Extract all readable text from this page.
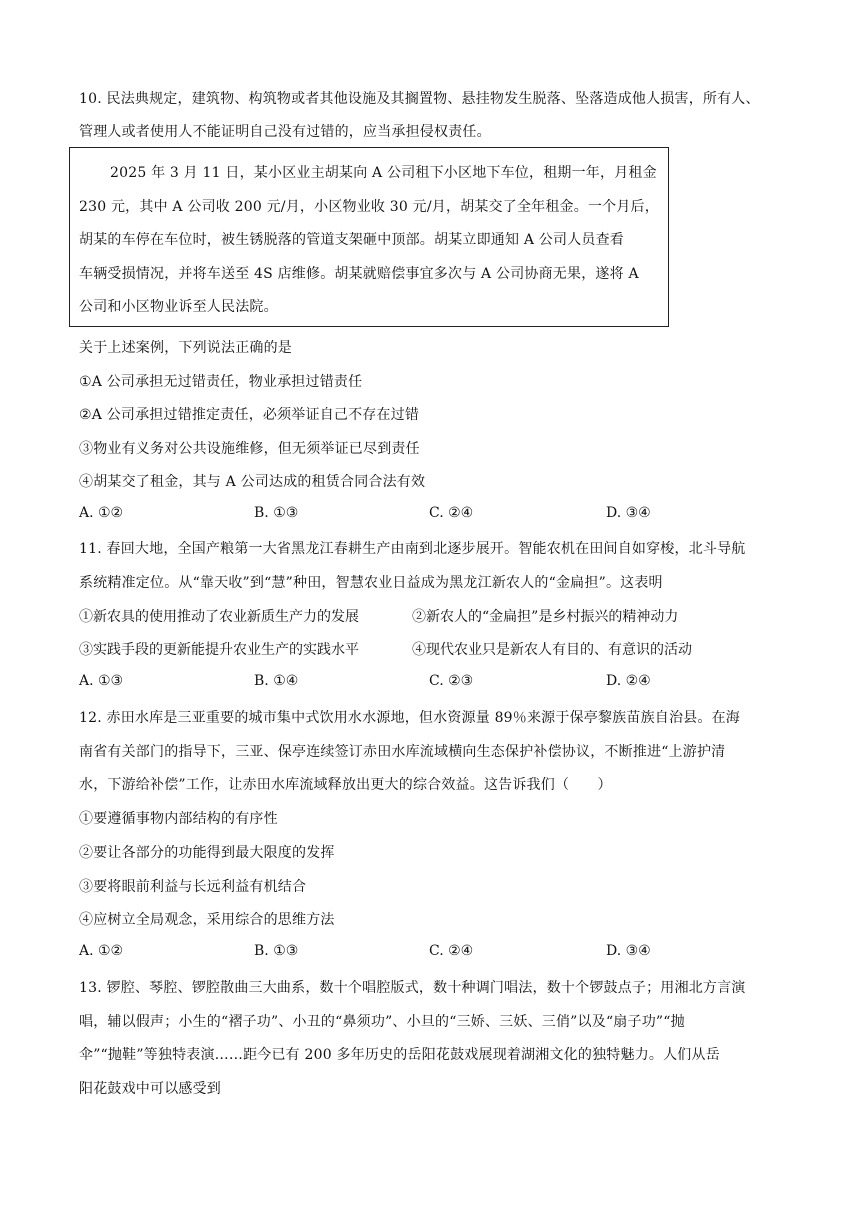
10. 民法典规定，建筑物、构筑物或者其他设施及其搁置物、悬挂物发生脱落、坠落造成他人损害，所有人、
管理人或者使用人不能证明自己没有过错的，应当承担侵权责任。
2025 年 3 月 11 日，某小区业主胡某向 A 公司租下小区地下车位，租期一年，月租金
230 元，其中 A 公司收 200 元/月，小区物业收 30 元/月，胡某交了全年租金。一个月后，
胡某的车停在车位时，被生锈脱落的管道支架砸中顶部。胡某立即通知 A 公司人员查看
车辆受损情况，并将车送至 4S 店维修。胡某就赔偿事宜多次与 A 公司协商无果，遂将 A
公司和小区物业诉至人民法院。
关于上述案例，下列说法正确的是
①A 公司承担无过错责任，物业承担过错责任
②A 公司承担过错推定责任，必须举证自己不存在过错
③物业有义务对公共设施维修，但无须举证已尽到责任
④胡某交了租金，其与 A 公司达成的租赁合同合法有效
A. ①②	B. ①③	C. ②④	D. ③④
11. 春回大地，全国产粮第一大省黑龙江春耕生产由南到北逐步展开。智能农机在田间自如穿梭，北斗导航
系统精准定位。从“靠天收”到“慧”种田，智慧农业日益成为黑龙江新农人的“金扁担”。这表明
①新农具的使用推动了农业新质生产力的发展	②新农人的“金扁担”是乡村振兴的精神动力
③实践手段的更新能提升农业生产的实践水平	④现代农业只是新农人有目的、有意识的活动
A. ①③	B. ①④	C. ②③	D. ②④
12. 赤田水库是三亚重要的城市集中式饮用水水源地，但水资源量 89％来源于保亭黎族苗族自治县。在海
南省有关部门的指导下，三亚、保亭连续签订赤田水库流域横向生态保护补偿协议，不断推进“上游护清
水，下游给补偿”工作，让赤田水库流域释放出更大的综合效益。这告诉我们（　　）
①要遵循事物内部结构的有序性
②要让各部分的功能得到最大限度的发挥
③要将眼前利益与长远利益有机结合
④应树立全局观念，采用综合的思维方法
A. ①②	B. ①③	C. ②④	D. ③④
13. 锣腔、琴腔、锣腔散曲三大曲系，数十个唱腔版式，数十种调门唱法，数十个锣鼓点子；用湘北方言演
唱，辅以假声；小生的“褶子功”、小丑的“鼻须功”、小旦的“三娇、三妖、三俏”以及“扇子功”“抛
伞”“抛鞋”等独特表演……距今已有 200 多年历史的岳阳花鼓戏展现着湖湘文化的独特魅力。人们从岳
阳花鼓戏中可以感受到
